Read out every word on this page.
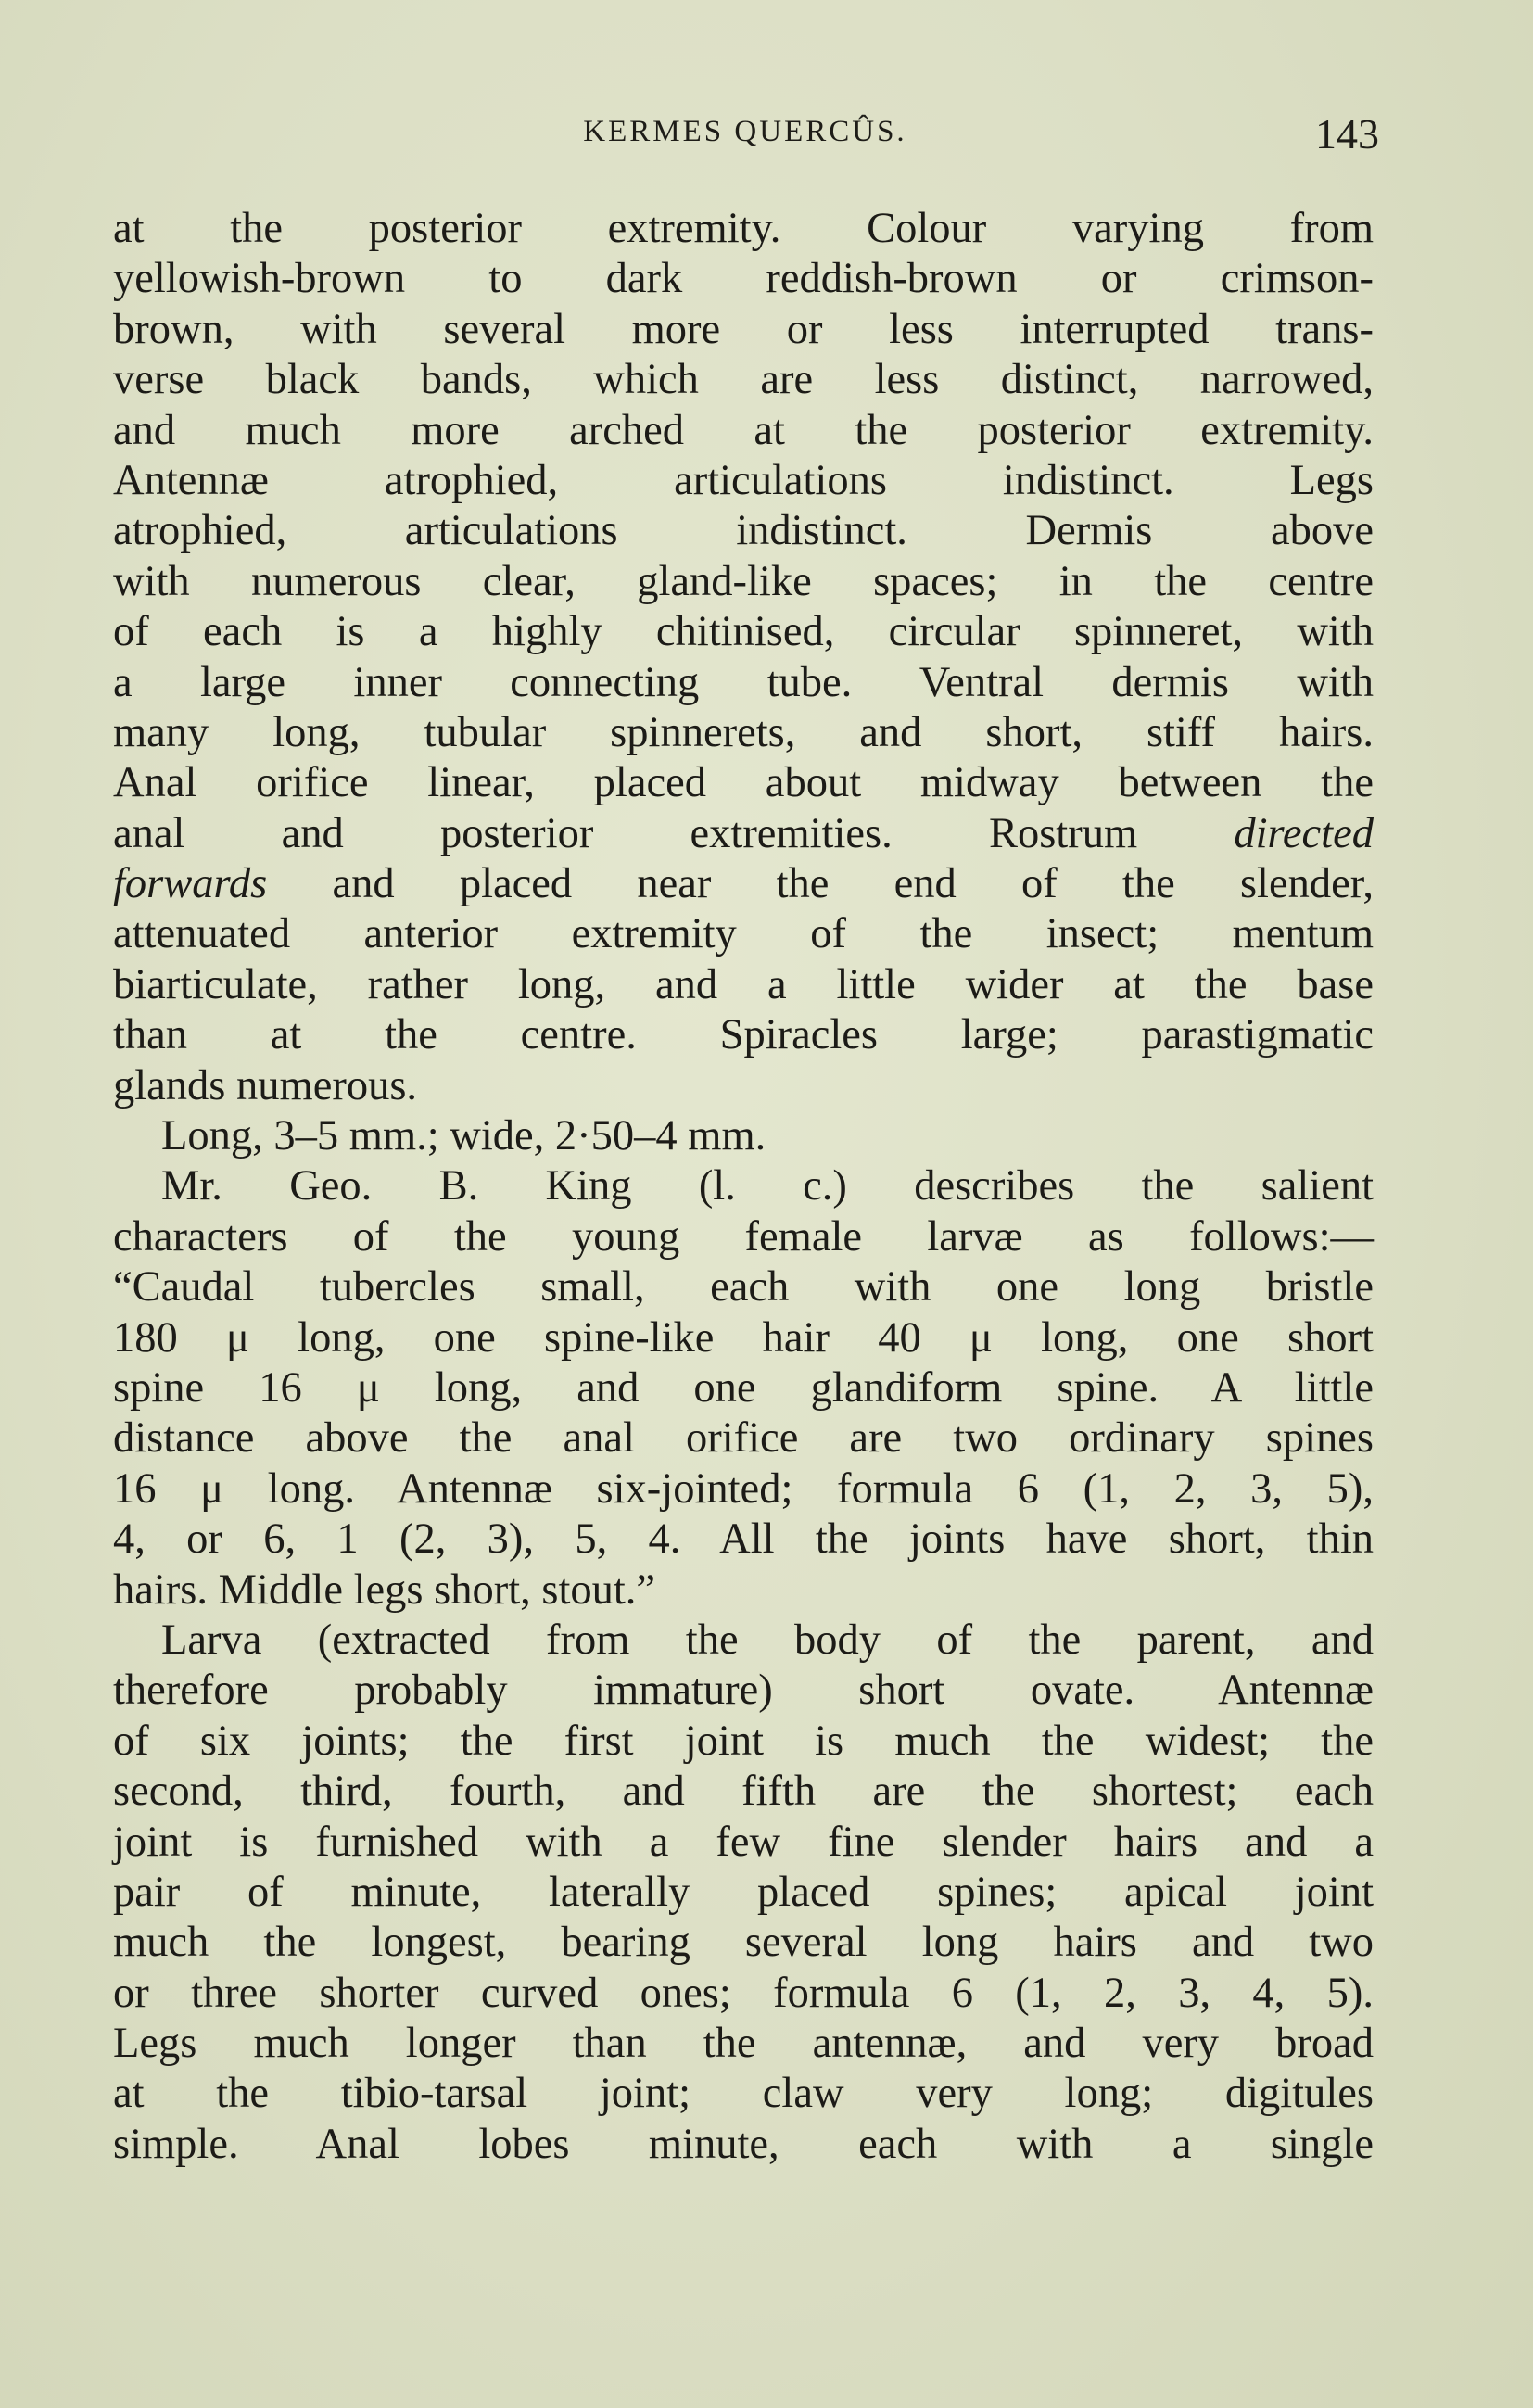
KERMES QUERCÛS.	143
at the posterior extremity. Colour varying from
yellowish-brown to dark reddish-brown or crimson-
brown, with several more or less interrupted trans-
verse black bands, which are less distinct, narrowed,
and much more arched at the posterior extremity.
Antennæ atrophied, articulations indistinct. Legs
atrophied, articulations indistinct. Dermis above
with numerous clear, gland-like spaces; in the centre
of each is a highly chitinised, circular spinneret, with
a large inner connecting tube. Ventral dermis with
many long, tubular spinnerets, and short, stiff hairs.
Anal orifice linear, placed about midway between the
anal and posterior extremities. Rostrum directed
forwards and placed near the end of the slender,
attenuated anterior extremity of the insect; mentum
biarticulate, rather long, and a little wider at the base
than at the centre. Spiracles large; parastigmatic
glands numerous.
Long, 3–5 mm.; wide, 2·50–4 mm.
Mr. Geo. B. King (l. c.) describes the salient
characters of the young female larvæ as follows:—
“Caudal tubercles small, each with one long bristle
180 μ long, one spine-like hair 40 μ long, one short
spine 16 μ long, and one glandiform spine. A little
distance above the anal orifice are two ordinary spines
16 μ long. Antennæ six-jointed; formula 6 (1, 2, 3, 5),
4, or 6, 1 (2, 3), 5, 4. All the joints have short, thin
hairs. Middle legs short, stout.”
Larva (extracted from the body of the parent, and
therefore probably immature) short ovate. Antennæ
of six joints; the first joint is much the widest; the
second, third, fourth, and fifth are the shortest; each
joint is furnished with a few fine slender hairs and a
pair of minute, laterally placed spines; apical joint
much the longest, bearing several long hairs and two
or three shorter curved ones; formula 6 (1, 2, 3, 4, 5).
Legs much longer than the antennæ, and very broad
at the tibio-tarsal joint; claw very long; digitules
simple. Anal lobes minute, each with a single
